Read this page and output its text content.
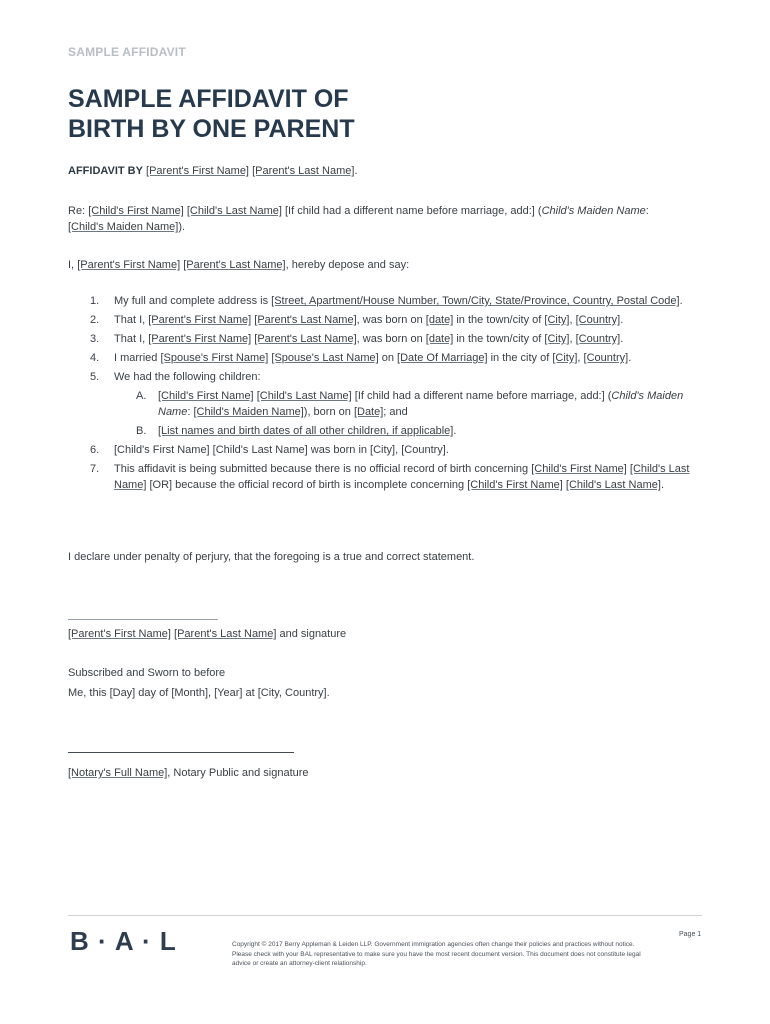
SAMPLE AFFIDAVIT
SAMPLE AFFIDAVIT OF
BIRTH BY ONE PARENT
AFFIDAVIT BY [Parent's First Name] [Parent's Last Name].
Re: [Child's First Name] [Child's Last Name] [If child had a different name before marriage, add:] (Child's Maiden Name:
[Child's Maiden Name]).
I, [Parent's First Name] [Parent's Last Name], hereby depose and say:
1. My full and complete address is [Street, Apartment/House Number, Town/City, State/Province, Country, Postal Code].
2. That I, [Parent's First Name] [Parent's Last Name], was born on [date] in the town/city of [City], [Country].
3. That I, [Parent's First Name] [Parent's Last Name], was born on [date] in the town/city of [City], [Country].
4. I married [Spouse's First Name] [Spouse's Last Name] on [Date Of Marriage] in the city of [City], [Country].
5. We had the following children:
A. [Child's First Name] [Child's Last Name] [If child had a different name before marriage, add:] (Child's Maiden
Name: [Child's Maiden Name]), born on [Date]; and
B. [List names and birth dates of all other children, if applicable].
6. [Child's First Name] [Child's Last Name] was born in [City], [Country].
7. This affidavit is being submitted because there is no official record of birth concerning [Child's First Name] [Child's Last Name] [OR] because the official record of birth is incomplete concerning [Child's First Name] [Child's Last Name].
I declare under penalty of perjury, that the foregoing is a true and correct statement.
[Parent's First Name] [Parent's Last Name] and signature
Subscribed and Sworn to before
Me, this [Day] day of [Month], [Year] at [City, Country].
[Notary's Full Name], Notary Public and signature
B · A · L	Copyright © 2017 Berry Appleman & Leiden LLP. Government immigration agencies often change their policies and practices without notice. Please check with your BAL representative to make sure you have the most recent document version. This document does not constitute legal advice or create an attorney-client relationship.
Page 1
